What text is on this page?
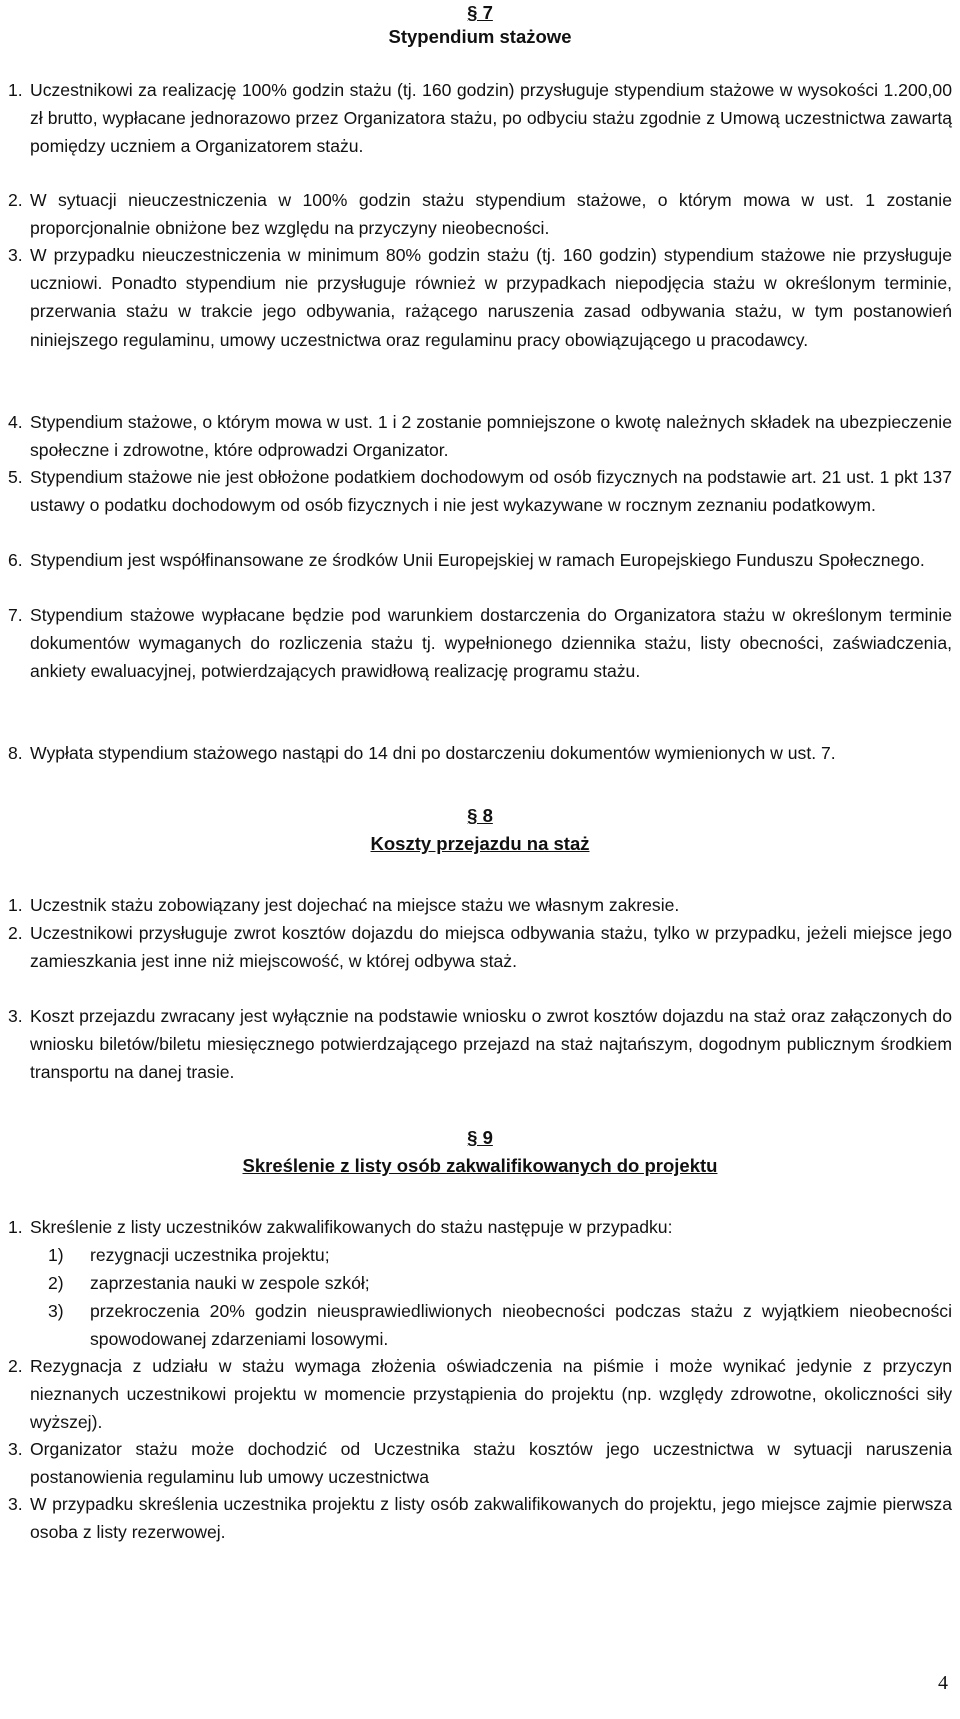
§ 7
Stypendium stażowe
1. Uczestnikowi za realizację 100% godzin stażu (tj. 160 godzin) przysługuje stypendium stażowe w wysokości 1.200,00 zł brutto, wypłacane jednorazowo przez Organizatora stażu, po odbyciu stażu zgodnie z Umową uczestnictwa zawartą pomiędzy uczniem a Organizatorem stażu.
2. W sytuacji nieuczestniczenia w 100% godzin stażu stypendium stażowe, o którym mowa w ust. 1 zostanie proporcjonalnie obniżone bez względu na przyczyny nieobecności.
3. W przypadku nieuczestniczenia w minimum 80% godzin stażu (tj. 160 godzin) stypendium stażowe nie przysługuje uczniowi. Ponadto stypendium nie przysługuje również w przypadkach niepodjęcia stażu w określonym terminie, przerwania stażu w trakcie jego odbywania, rażącego naruszenia zasad odbywania stażu, w tym postanowień niniejszego regulaminu, umowy uczestnictwa oraz regulaminu pracy obowiązującego u pracodawcy.
4. Stypendium stażowe, o którym mowa w ust. 1 i 2 zostanie pomniejszone o kwotę należnych składek na ubezpieczenie społeczne i zdrowotne, które odprowadzi Organizator.
5. Stypendium stażowe nie jest obłożone podatkiem dochodowym od osób fizycznych na podstawie art. 21 ust. 1 pkt 137 ustawy o podatku dochodowym od osób fizycznych i nie jest wykazywane w rocznym zeznaniu podatkowym.
6. Stypendium jest współfinansowane ze środków Unii Europejskiej w ramach Europejskiego Funduszu Społecznego.
7. Stypendium stażowe wypłacane będzie pod warunkiem dostarczenia do Organizatora stażu w określonym terminie dokumentów wymaganych do rozliczenia stażu tj. wypełnionego dziennika stażu, listy obecności, zaświadczenia, ankiety ewaluacyjnej, potwierdzających prawidłową realizację programu stażu.
8. Wypłata stypendium stażowego nastąpi do 14 dni po dostarczeniu dokumentów wymienionych w ust. 7.
§ 8
Koszty przejazdu na staż
1. Uczestnik stażu zobowiązany jest dojechać na miejsce stażu we własnym zakresie.
2. Uczestnikowi przysługuje zwrot kosztów dojazdu do miejsca odbywania stażu, tylko w przypadku, jeżeli miejsce jego zamieszkania jest inne niż miejscowość, w której odbywa staż.
3. Koszt przejazdu zwracany jest wyłącznie na podstawie wniosku o zwrot kosztów dojazdu na staż oraz załączonych do wniosku biletów/biletu miesięcznego potwierdzającego przejazd na staż najtańszym, dogodnym publicznym środkiem transportu na danej trasie.
§ 9
Skreślenie z listy osób zakwalifikowanych do projektu
1. Skreślenie z listy uczestników zakwalifikowanych do stażu następuje w przypadku:
1) rezygnacji uczestnika projektu;
2) zaprzestania nauki w zespole szkół;
3) przekroczenia 20% godzin nieusprawiedliwionych nieobecności podczas stażu z wyjątkiem nieobecności spowodowanej zdarzeniami losowymi.
2. Rezygnacja z udziału w stażu wymaga złożenia oświadczenia na piśmie i może wynikać jedynie z przyczyn nieznanych uczestnikowi projektu w momencie przystąpienia do projektu (np. względy zdrowotne, okoliczności siły wyższej).
3. Organizator stażu może dochodzić od Uczestnika stażu kosztów jego uczestnictwa w sytuacji naruszenia postanowienia regulaminu lub umowy uczestnictwa
3. W przypadku skreślenia uczestnika projektu z listy osób zakwalifikowanych do projektu, jego miejsce zajmie pierwsza osoba z listy rezerwowej.
4
